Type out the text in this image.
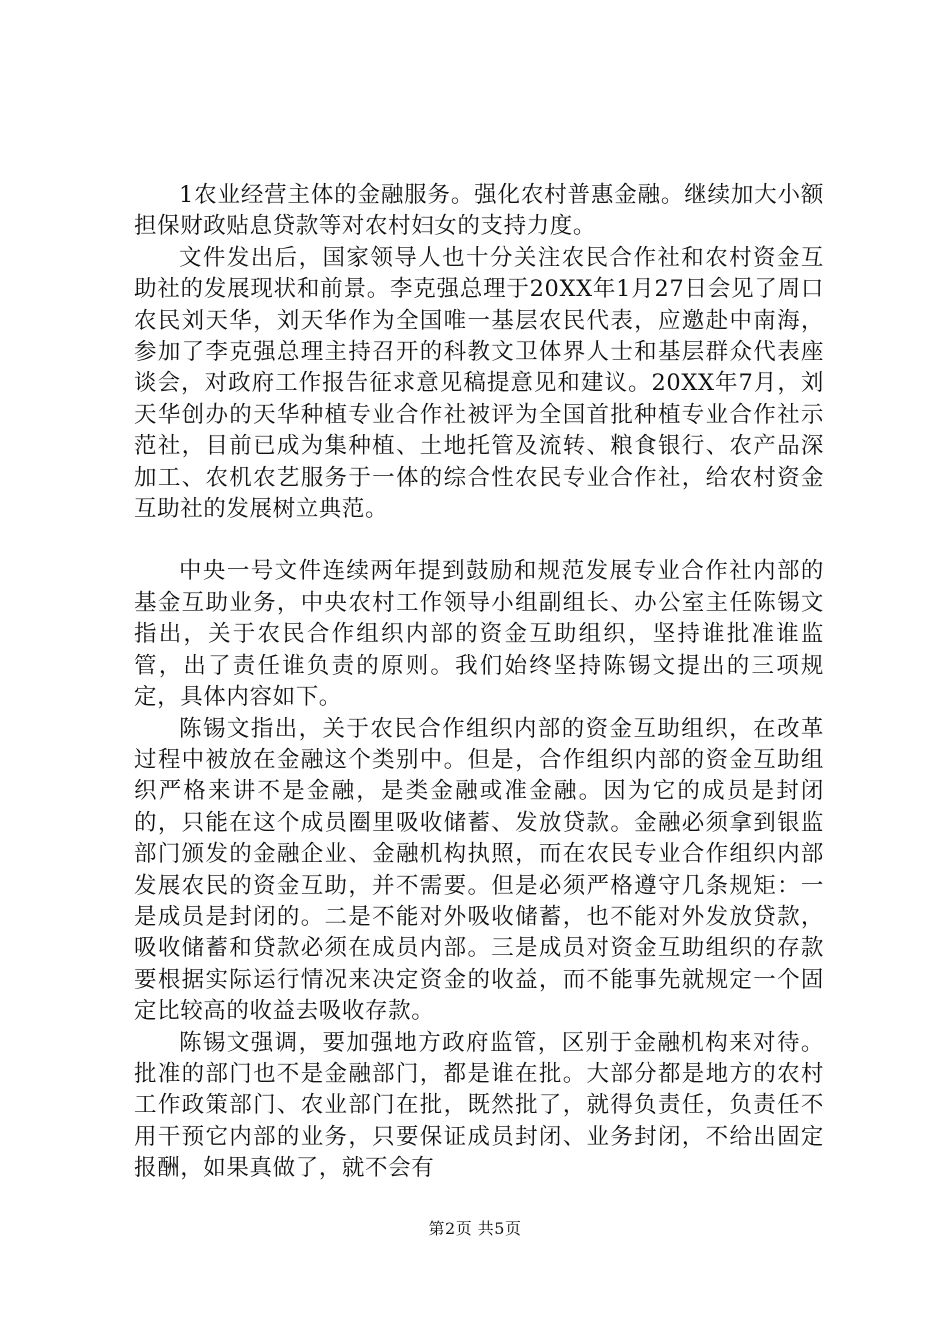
1农业经营主体的金融服务。强化农村普惠金融。继续加大小额担保财政贴息贷款等对农村妇女的支持力度。

文件发出后，国家领导人也十分关注农民合作社和农村资金互助社的发展现状和前景。李克强总理于20XX年1月27日会见了周口农民刘天华，刘天华作为全国唯一基层农民代表，应邀赴中南海，参加了李克强总理主持召开的科教文卫体界人士和基层群众代表座谈会，对政府工作报告征求意见稿提意见和建议。20XX年7月，刘天华创办的天华种植专业合作社被评为全国首批种植专业合作社示范社，目前已成为集种植、土地托管及流转、粮食银行、农产品深加工、农机农艺服务于一体的综合性农民专业合作社，给农村资金互助社的发展树立典范。

中央一号文件连续两年提到鼓励和规范发展专业合作社内部的基金互助业务，中央农村工作领导小组副组长、办公室主任陈锡文指出，关于农民合作组织内部的资金互助组织，坚持谁批准谁监管，出了责任谁负责的原则。我们始终坚持陈锡文提出的三项规定，具体内容如下。

陈锡文指出，关于农民合作组织内部的资金互助组织，在改革过程中被放在金融这个类别中。但是，合作组织内部的资金互助组织严格来讲不是金融，是类金融或准金融。因为它的成员是封闭的，只能在这个成员圈里吸收储蓄、发放贷款。金融必须拿到银监部门颁发的金融企业、金融机构执照，而在农民专业合作组织内部发展农民的资金互助，并不需要。但是必须严格遵守几条规矩：一是成员是封闭的。二是不能对外吸收储蓄，也不能对外发放贷款，吸收储蓄和贷款必须在成员内部。三是成员对资金互助组织的存款要根据实际运行情况来决定资金的收益，而不能事先就规定一个固定比较高的收益去吸收存款。

陈锡文强调，要加强地方政府监管，区别于金融机构来对待。批准的部门也不是金融部门，都是谁在批。大部分都是地方的农村工作政策部门、农业部门在批，既然批了，就得负责任，负责任不用干预它内部的业务，只要保证成员封闭、业务封闭，不给出固定报酬，如果真做了，就不会有

第2页 共5页
